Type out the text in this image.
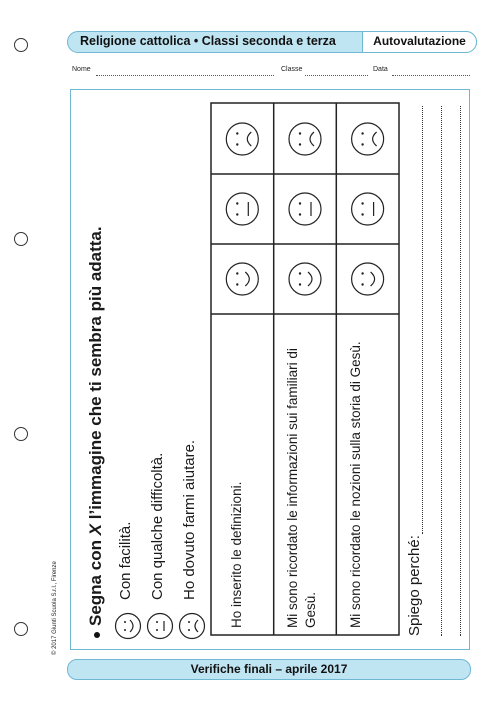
Religione cattolica • Classi seconda e terza	Autovalutazione
Nome	Classe	Data
Segna con X l’immagine che ti sembra più adatta.
Con facilità. Con qualche difficoltà. Ho dovuto farmi aiutare. Ho inserito le definizioni.	Mi sono ricordato le informazioni sui familiari di Gesù.	Mi sono ricordato le nozioni sulla storia di Gesù.	Spiego perché:
© 2017 Giunti Scuola S.r.l., Firenze
Verifiche finali – aprile 2017
